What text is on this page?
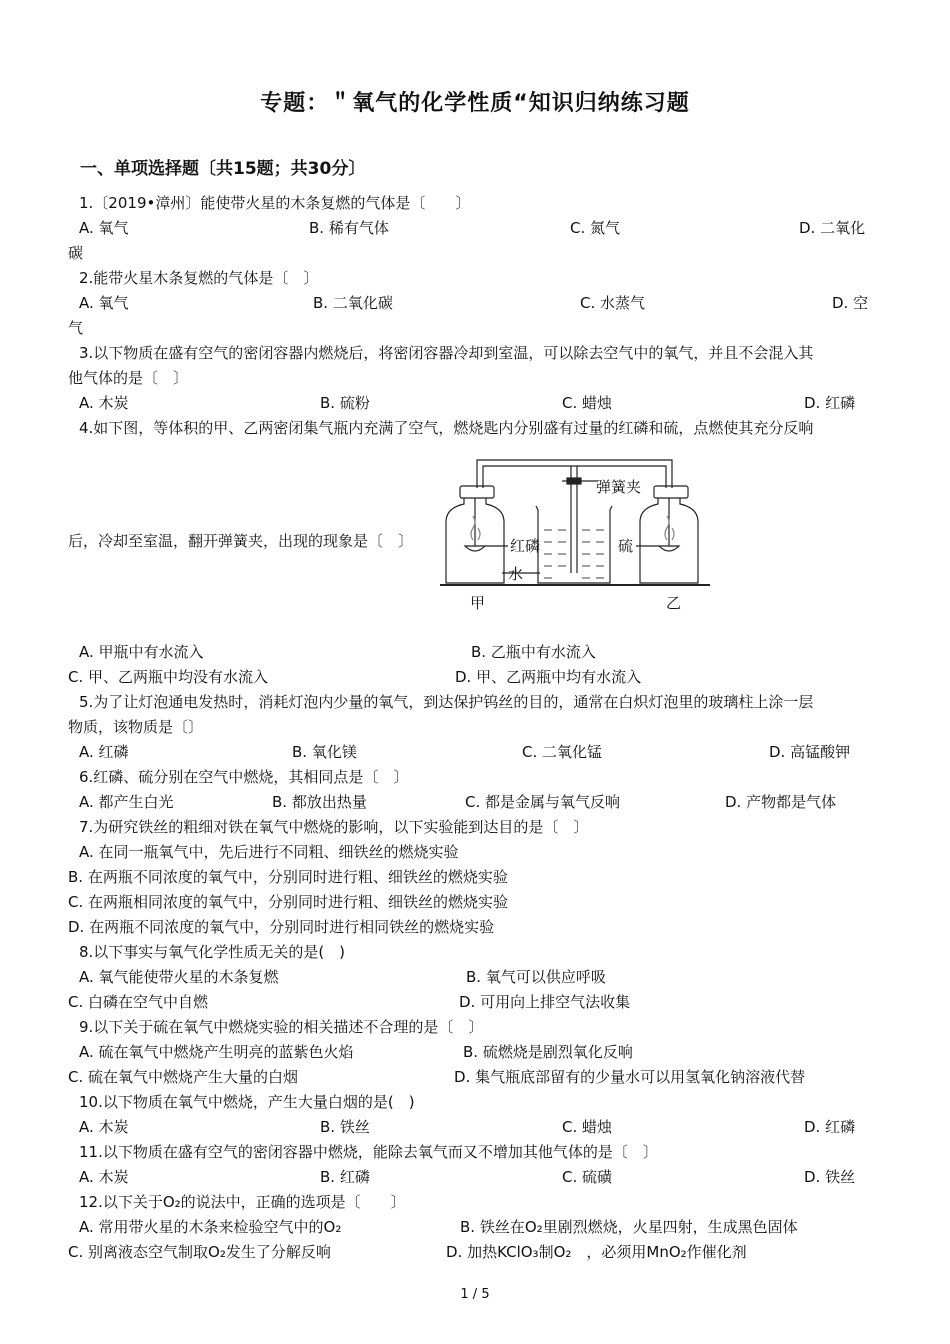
专题：＂氧气的化学性质“知识归纳练习题
一、单项选择题〔共15题；共30分〕
1.〔2019•漳州〕能使带火星的木条复燃的气体是〔　　〕
A. 氧气	B. 稀有气体	C. 氮气	D. 二氧化
碳
2.能带火星木条复燃的气体是〔　〕
A. 氧气	B. 二氧化碳	C. 水蒸气	D. 空
气
3.以下物质在盛有空气的密闭容器内燃烧后，将密闭容器冷却到室温，可以除去空气中的氧气，并且不会混入其
他气体的是〔　〕
A. 木炭	B. 硫粉	C. 蜡烛	D. 红磷
4.如下图，等体积的甲、乙两密闭集气瓶内充满了空气，燃烧匙内分别盛有过量的红磷和硫，点燃使其充分反响
后，冷却至室温，翻开弹簧夹，出现的现象是〔　〕
弹簧夹
红磷	硫
水
甲	乙
A. 甲瓶中有水流入	B. 乙瓶中有水流入
C. 甲、乙两瓶中均没有水流入	D. 甲、乙两瓶中均有水流入
5.为了让灯泡通电发热时，消耗灯泡内少量的氧气，到达保护钨丝的目的，通常在白炽灯泡里的玻璃柱上涂一层
物质，该物质是〔〕
A. 红磷	B. 氧化镁	C. 二氧化锰	D. 高锰酸钾
6.红磷、硫分别在空气中燃烧，其相同点是〔　〕
A. 都产生白光	B. 都放出热量	C. 都是金属与氧气反响	D. 产物都是气体
7.为研究铁丝的粗细对铁在氧气中燃烧的影响，以下实验能到达目的是〔　〕
A. 在同一瓶氧气中，先后进行不同粗、细铁丝的燃烧实验
B. 在两瓶不同浓度的氧气中，分别同时进行粗、细铁丝的燃烧实验
C. 在两瓶相同浓度的氧气中，分别同时进行粗、细铁丝的燃烧实验
D. 在两瓶不同浓度的氧气中，分别同时进行相同铁丝的燃烧实验
8.以下事实与氧气化学性质无关的是(　)
A. 氧气能使带火星的木条复燃	B. 氧气可以供应呼吸
C. 白磷在空气中自燃	D. 可用向上排空气法收集
9.以下关于硫在氧气中燃烧实验的相关描述不合理的是〔　〕
A. 硫在氧气中燃烧产生明亮的蓝紫色火焰	B. 硫燃烧是剧烈氧化反响
C. 硫在氧气中燃烧产生大量的白烟	D. 集气瓶底部留有的少量水可以用氢氧化钠溶液代替
10.以下物质在氧气中燃烧，产生大量白烟的是(　)
A. 木炭	B. 铁丝	C. 蜡烛	D. 红磷
11.以下物质在盛有空气的密闭容器中燃烧，能除去氧气而又不增加其他气体的是〔　〕
A. 木炭	B. 红磷	C. 硫磺	D. 铁丝
12.以下关于O₂的说法中，正确的选项是〔　　〕
A. 常用带火星的木条来检验空气中的O₂	B. 铁丝在O₂里剧烈燃烧，火星四射，生成黑色固体
C. 别离液态空气制取O₂发生了分解反响	D. 加热KClO₃制O₂　，必须用MnO₂作催化剂
1 / 5
